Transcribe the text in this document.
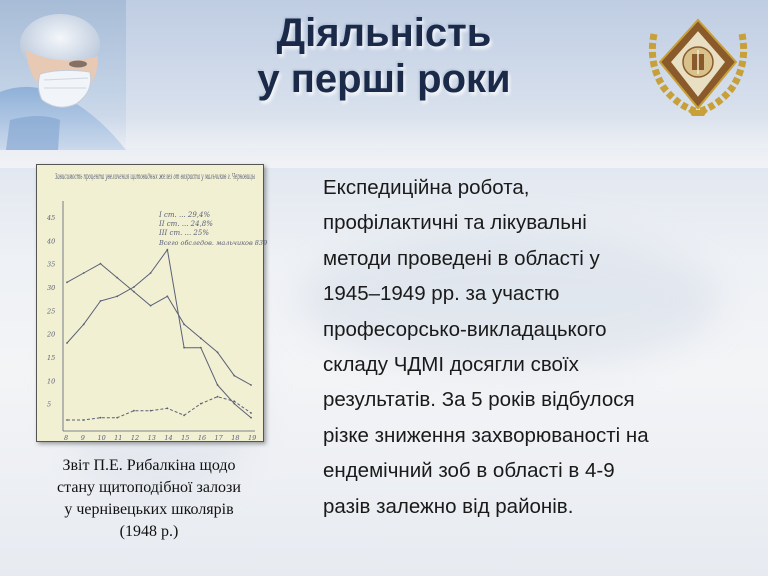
Діяльність
у перші роки
Зависимость процента увеличения щитовидных желез от возраста у мальчиков г. Черновицы
I ст. ... 29,4%
II ст. ... 24,8%
III ст. ... 25%
Всего обследов. мальчиков 839
45
40
35
30
25
20
15
10
5
8 9 10 11 12 13 14 15 16 17 18 19
Звіт П.Е. Рибалкіна щодо
стану щитоподібної залози
у чернівецьких школярів
(1948 р.)
Експедиційна робота,
профілактичні та лікувальні
методи проведені в області у
1945–1949 рр. за участю
професорсько-викладацького
складу ЧДМІ досягли своїх
результатів. За 5 років відбулося
різке зниження захворюваності на
ендемічний зоб в області в 4-9
разів залежно від районів.
